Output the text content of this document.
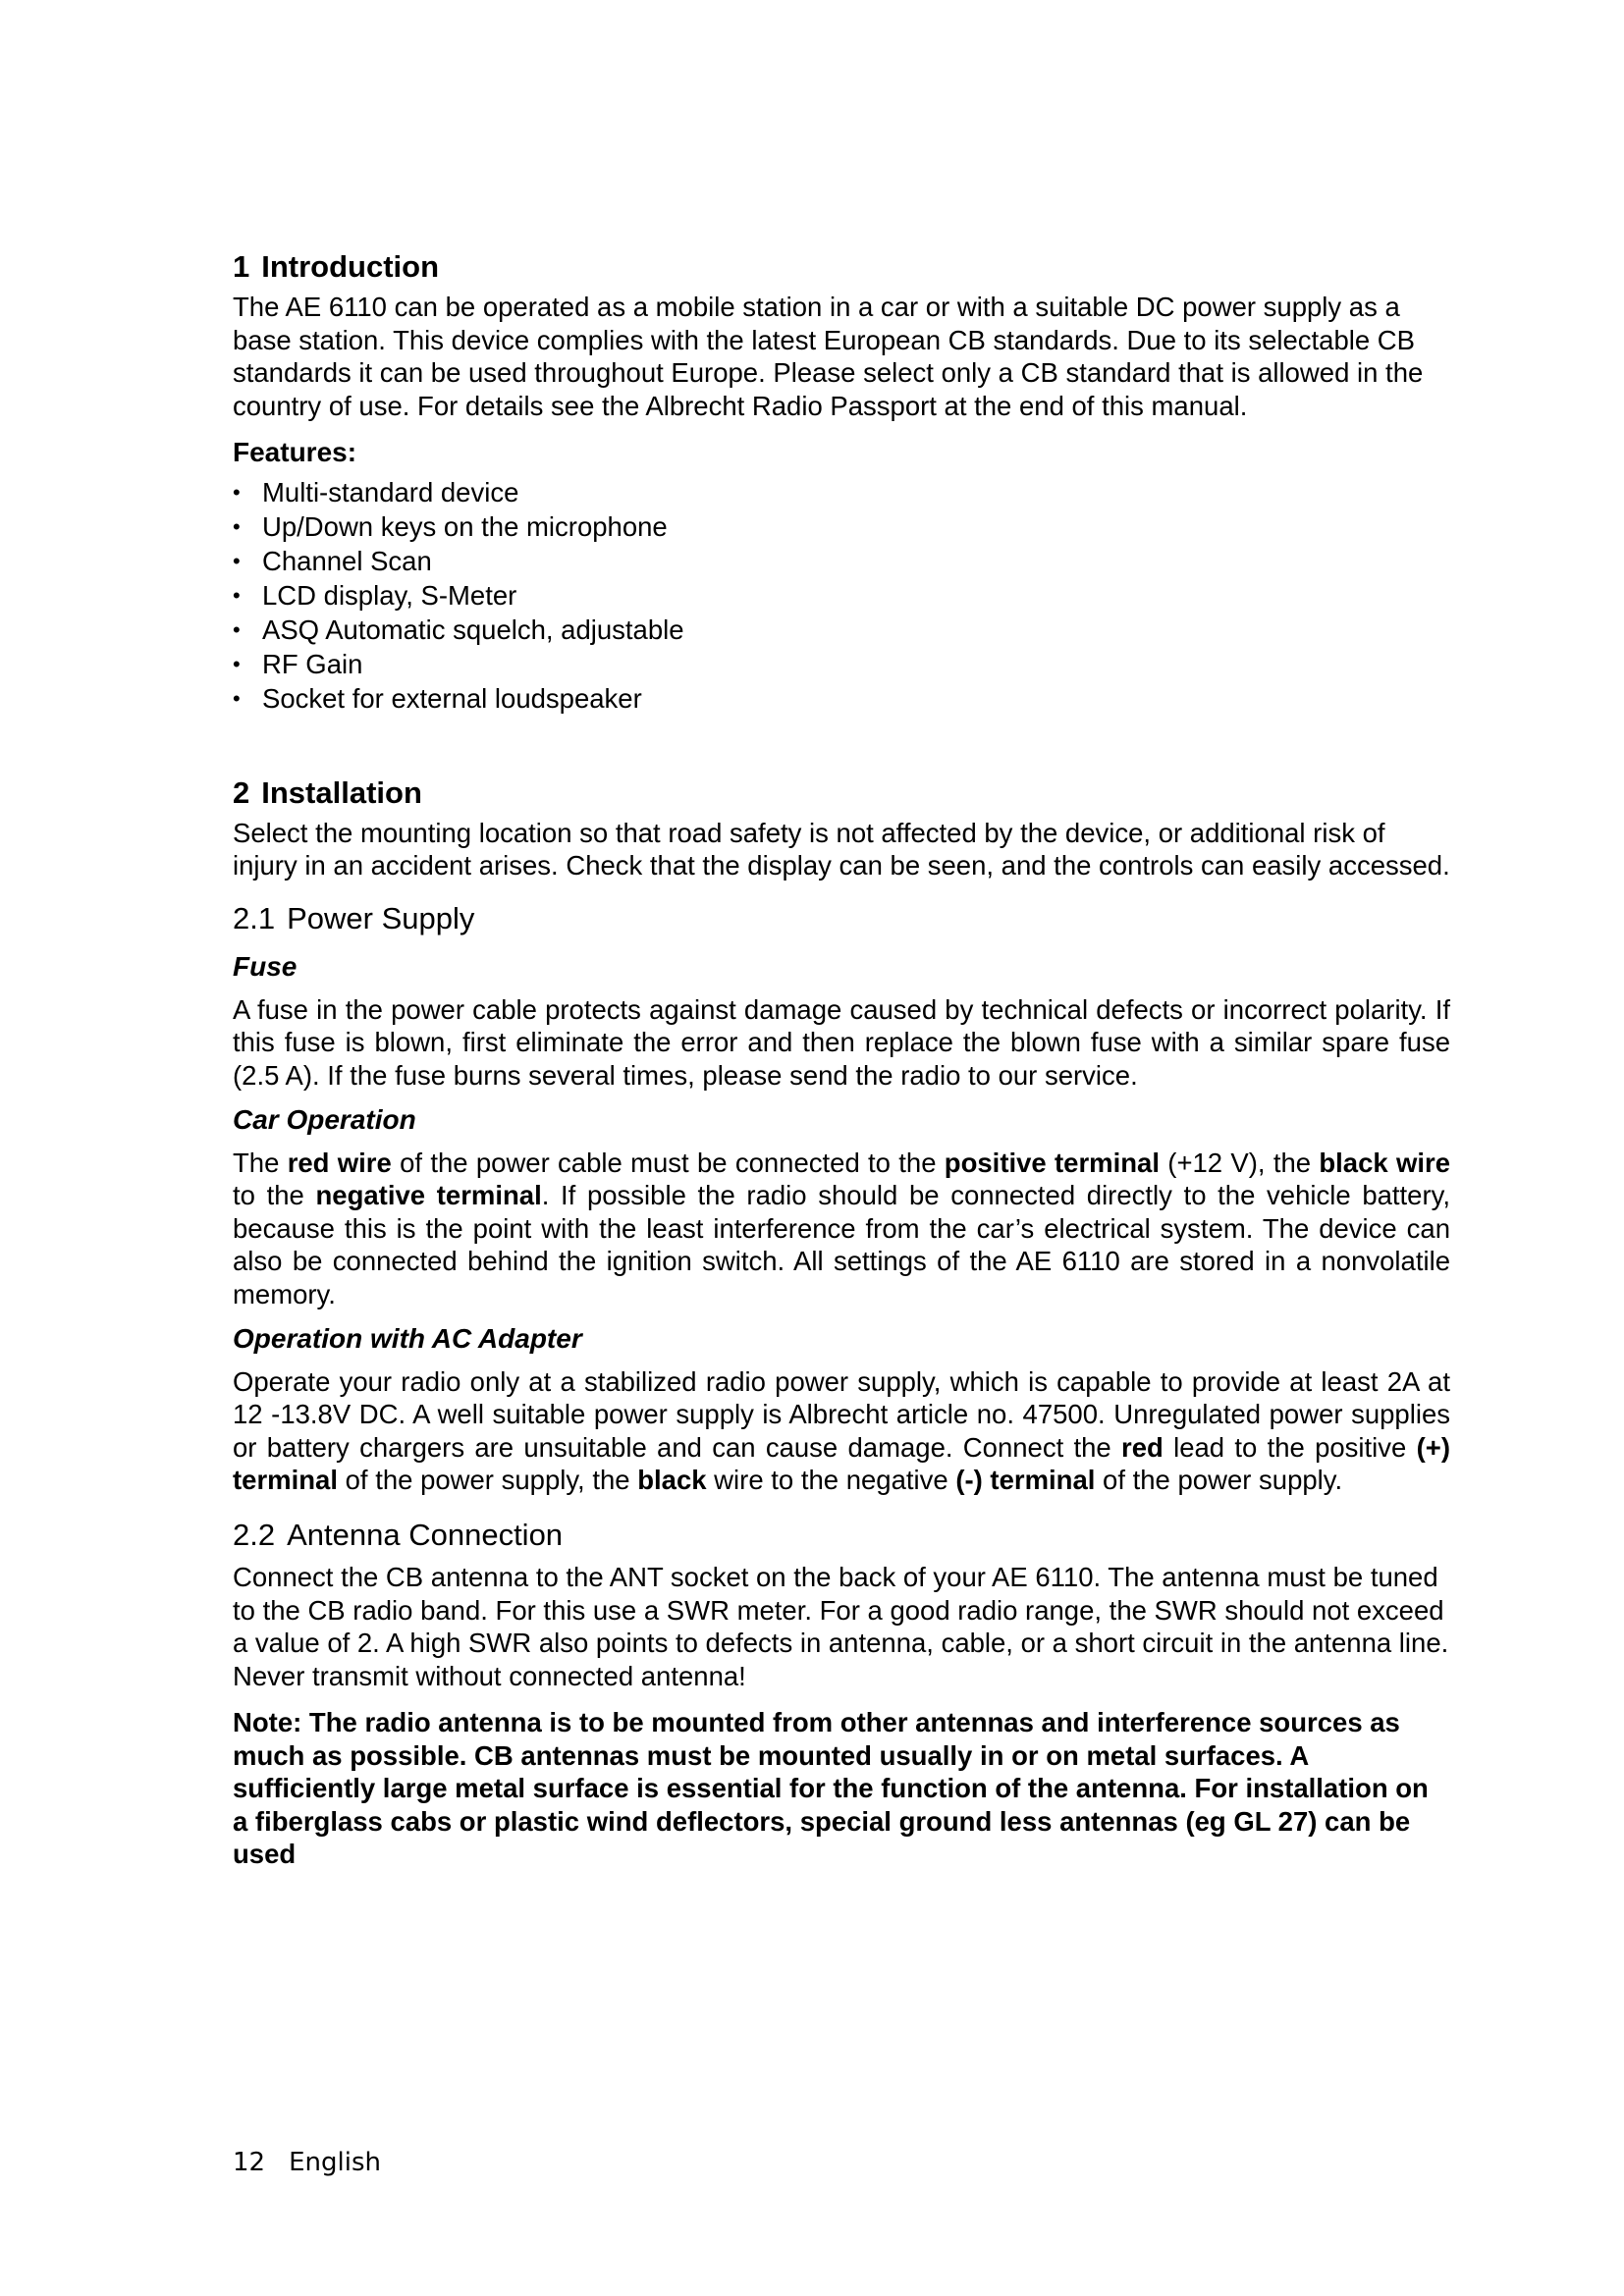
1 Introduction

The AE 6110 can be operated as a mobile station in a car or with a suitable DC power supply as a base station. This device complies with the latest European CB standards. Due to its selectable CB standards it can be used throughout Europe. Please select only a CB standard that is allowed in the country of use. For details see the Albrecht Radio Passport at the end of this manual.

Features:
• Multi-standard device
• Up/Down keys on the microphone
• Channel Scan
• LCD display, S-Meter
• ASQ Automatic squelch, adjustable
• RF Gain
• Socket for external loudspeaker
2 Installation

Select the mounting location so that road safety is not affected by the device, or additional risk of injury in an accident arises. Check that the display can be seen, and the controls can easily accessed.

2.1 Power Supply
Fuse

A fuse in the power cable protects against damage caused by technical defects or incorrect polarity. If this fuse is blown, first eliminate the error and then replace the blown fuse with a similar spare fuse (2.5 A). If the fuse burns several times, please send the radio to our service.

Car Operation

The red wire of the power cable must be connected to the positive terminal (+12 V), the black wire to the negative terminal. If possible the radio should be connected directly to the vehicle battery, because this is the point with the least interference from the car’s electrical system. The device can also be connected behind the ignition switch. All settings of the AE 6110 are stored in a nonvolatile memory.

Operation with AC Adapter

Operate your radio only at a stabilized radio power supply, which is capable to provide at least 2A at 12 -13.8V DC. A well suitable power supply is Albrecht article no. 47500. Unregulated power supplies or battery chargers are unsuitable and can cause damage. Connect the red lead to the positive (+) terminal of the power supply, the black wire to the negative (-) terminal of the power supply.

2.2 Antenna Connection

Connect the CB antenna to the ANT socket on the back of your AE 6110. The antenna must be tuned to the CB radio band. For this use a SWR meter. For a good radio range, the SWR should not exceed a value of 2. A high SWR also points to defects in antenna, cable, or a short circuit in the antenna line. Never transmit without connected antenna!

Note: The radio antenna is to be mounted from other antennas and interference sources as much as possible. CB antennas must be mounted usually in or on metal surfaces. A sufficiently large metal surface is essential for the function of the antenna. For installation on a fiberglass cabs or plastic wind deflectors, special ground less antennas (eg GL 27) can be used

12 English
